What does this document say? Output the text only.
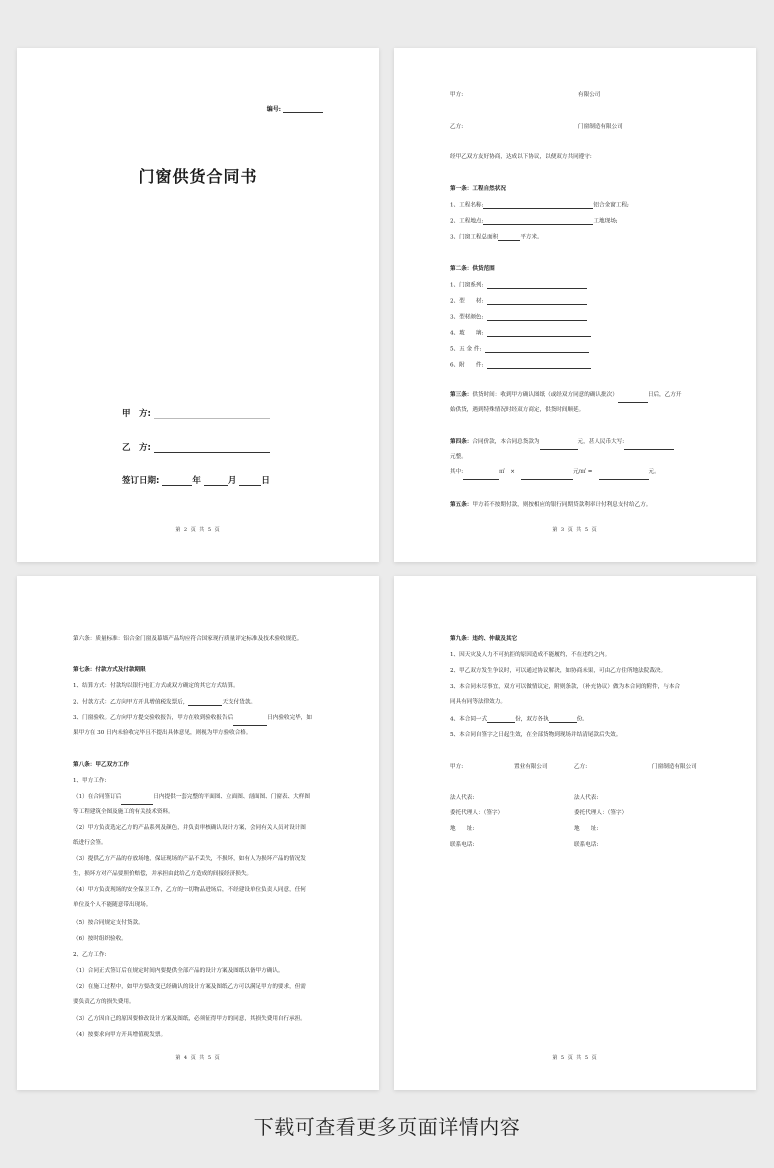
编号:
门窗供货合同书
甲　方:
乙　方:
签订日期:	年	月	日
第 2 页 共 5 页
甲方:	有限公司
乙方:	门窗制造有限公司
经甲乙双方友好协商，达成以下协议，以便双方共同遵守:
第一条：工程自然状况
1、工程名称:	铝合金窗工程;
2、工程地点:	工地现场;
3、门窗工程总面积	平方米。
第二条：供货范围
1、门窗系列:
2、型　　材:
3、型材颜色:
4、玻　　璃:
5、五 金 件:
6、附　　件:
第三条：供货时间：收到甲方确认图纸（或经双方同意的确认批次）	日后，乙方开
始供货，遇到特殊情况时经双方商定，供货时间顺延。
第四条：合同价款，本合同总货款为	元，甚人民币大写:
元整。
其中:	㎡　×	元/㎡ =	元。
第五条：甲方若不按期付款，则按相应的银行同期贷款利率计付利息支付给乙方。
第 3 页 共 5 页
第六条：质量标准：铝合金门窗及幕墙产品均应符合国家现行质量评定标准及技术验收规范。
第七条：付款方式及付款期限
1、结算方式：付款均以银行电汇方式或双方确定的其它方式结算。
2、付款方式：乙方向甲方开具增值税发票后，	天支付货款。
3、门窗验收。乙方向甲方提交验收报告，甲方在收到验收报告后	日内验收完毕，如
果甲方在 30 日内未验收完毕且不提出具体意见，则视为甲方验收合格。
第八条：甲乙双方工作
1、甲方工作:
（1）在合同签订后	日内提供一套完整的平面图、立面图、剖面图、门窗表、大样图
等工程建筑全图及施工的有关技术资料。
（2）甲方负责选定乙方的产品系列及颜色，并负责审核确认设计方案，会同有关人员对设计图
纸进行会签。
（3）提供乙方产品的存放场地，保证现场的产品不丢失，不损坏，如有人为损坏产品的情况发
生，损坏方对产品要照价赔偿，并承担由此给乙方造成的间接经济损失。
（4）甲方负责现场的安全保卫工作，乙方的一切物品进场后，不经建设单位负责人同意，任何
单位及个人不能随意带出现场。
（5）按合同规定支付货款。
（6）按时组织验收。
2、乙方工作:
（1）合同正式签订后在规定时间内要提供全部产品的设计方案及图纸以备甲方确认。
（2）在施工过程中，如甲方要改变已经确认的设计方案及图纸乙方可以满足甲方的要求，但需
要负责乙方的损失费用。
（3）乙方因自己的原因要修改设计方案及图纸，必须征得甲方的同意，其损失费用自行承担。
（4）按要求向甲方开具增值税发票。
第 4 页 共 5 页
第九条：违约、仲裁及其它
1、因天灾及人力不可抗拒的原因造成不能履约，不在违约之内。
2、甲乙双方发生争议时，可以通过协议解决，如协商未果，可由乙方住所地法院裁决。
3、本合同未尽事宜，双方可以做情议定，附则条款，（补充协议）做为本合同的附件，与本合
同具有同等法律效力。
4、本合同一式	份，双方各执	份。
5、本合同自签字之日起生效，在全部货物到现场并结清尾款后失效。
甲方:	置业有限公司	乙方:	门窗制造有限公司
法人代表:	法人代表:
委托代理人：（签字）	委托代理人：（签字）
地　　址:	地　　址:
联系电话:	联系电话:
第 5 页 共 5 页
下载可查看更多页面详情内容
